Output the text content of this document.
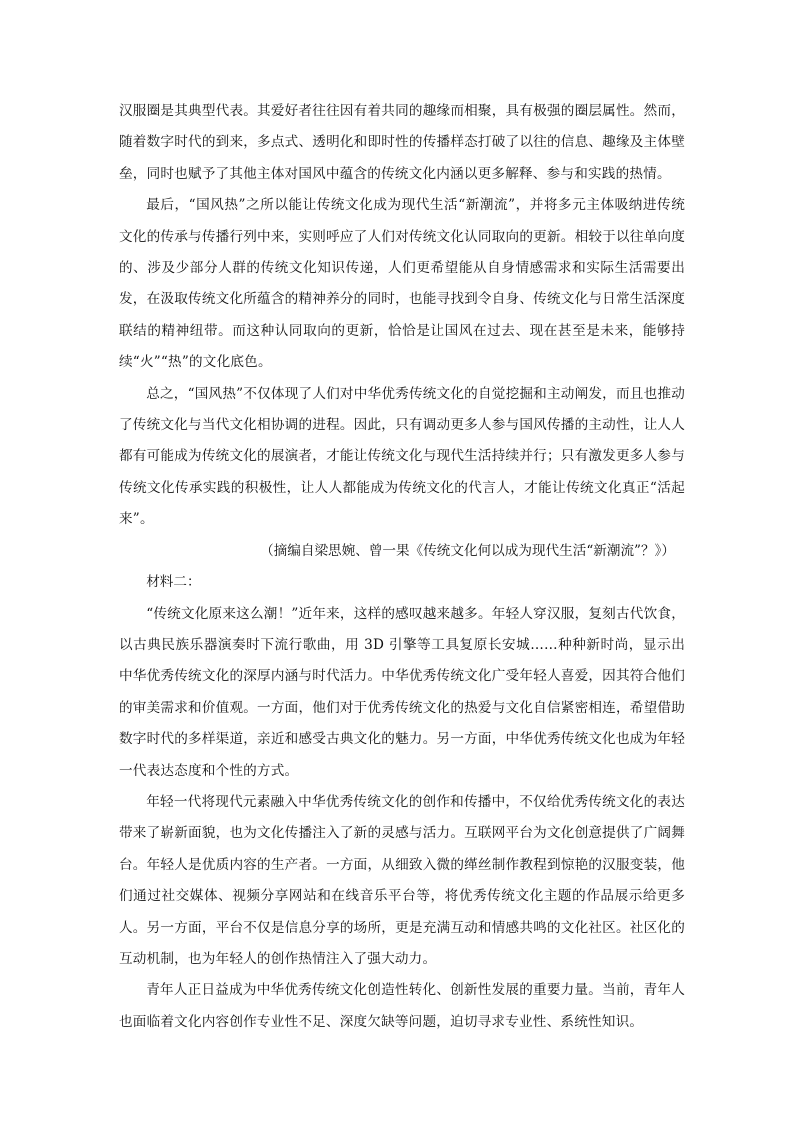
汉服圈是其典型代表。其爱好者往往因有着共同的趣缘而相聚，具有极强的圈层属性。然而，随着数字时代的到来，多点式、透明化和即时性的传播样态打破了以往的信息、趣缘及主体壁垒，同时也赋予了其他主体对国风中蕴含的传统文化内涵以更多解释、参与和实践的热情。

最后，“国风热”之所以能让传统文化成为现代生活“新潮流”，并将多元主体吸纳进传统文化的传承与传播行列中来，实则呼应了人们对传统文化认同取向的更新。相较于以往单向度的、涉及少部分人群的传统文化知识传递，人们更希望能从自身情感需求和实际生活需要出发，在汲取传统文化所蕴含的精神养分的同时，也能寻找到令自身、传统文化与日常生活深度联结的精神纽带。而这种认同取向的更新，恰恰是让国风在过去、现在甚至是未来，能够持续“火”“热”的文化底色。

总之，“国风热”不仅体现了人们对中华优秀传统文化的自觉挖掘和主动阐发，而且也推动了传统文化与当代文化相协调的进程。因此，只有调动更多人参与国风传播的主动性，让人人都有可能成为传统文化的展演者，才能让传统文化与现代生活持续并行；只有激发更多人参与传统文化传承实践的积极性，让人人都能成为传统文化的代言人，才能让传统文化真正“活起来”。

（摘编自梁思婉、曾一果《传统文化何以成为现代生活“新潮流”？》）

材料二：

“传统文化原来这么潮！”近年来，这样的感叹越来越多。年轻人穿汉服，复刻古代饮食，以古典民族乐器演奏时下流行歌曲，用 3D 引擎等工具复原长安城……种种新时尚，显示出中华优秀传统文化的深厚内涵与时代活力。中华优秀传统文化广受年轻人喜爱，因其符合他们的审美需求和价值观。一方面，他们对于优秀传统文化的热爱与文化自信紧密相连，希望借助数字时代的多样渠道，亲近和感受古典文化的魅力。另一方面，中华优秀传统文化也成为年轻一代表达态度和个性的方式。

年轻一代将现代元素融入中华优秀传统文化的创作和传播中，不仅给优秀传统文化的表达带来了崭新面貌，也为文化传播注入了新的灵感与活力。互联网平台为文化创意提供了广阔舞台。年轻人是优质内容的生产者。一方面，从细致入微的缂丝制作教程到惊艳的汉服变装，他们通过社交媒体、视频分享网站和在线音乐平台等，将优秀传统文化主题的作品展示给更多人。另一方面，平台不仅是信息分享的场所，更是充满互动和情感共鸣的文化社区。社区化的互动机制，也为年轻人的创作热情注入了强大动力。

青年人正日益成为中华优秀传统文化创造性转化、创新性发展的重要力量。当前，青年人也面临着文化内容创作专业性不足、深度欠缺等问题，迫切寻求专业性、系统性知识。
